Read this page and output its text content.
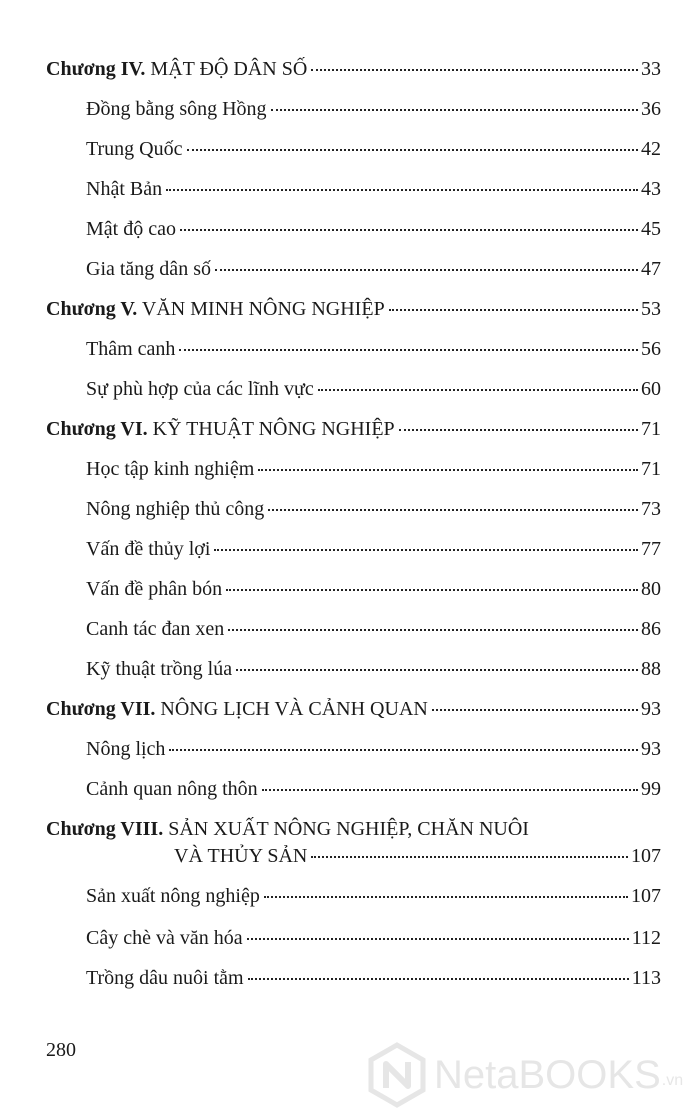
Chương IV. MẬT ĐỘ DÂN SỐ	33
Đồng bằng sông Hồng	36
Trung Quốc	42
Nhật Bản	43
Mật độ cao	45
Gia tăng dân số	47
Chương V. VĂN MINH NÔNG NGHIỆP	53
Thâm canh	56
Sự phù hợp của các lĩnh vực	60
Chương VI. KỸ THUẬT NÔNG NGHIỆP	71
Học tập kinh nghiệm	71
Nông nghiệp thủ công	73
Vấn đề thủy lợi	77
Vấn đề phân bón	80
Canh tác đan xen	86
Kỹ thuật trồng lúa	88
Chương VII. NÔNG LỊCH VÀ CẢNH QUAN	93
Nông lịch	93
Cảnh quan nông thôn	99
Chương VIII. SẢN XUẤT NÔNG NGHIỆP, CHĂN NUÔI
VÀ THỦY SẢN	107
Sản xuất nông nghiệp	107
Cây chè và văn hóa	112
Trồng dâu nuôi tằm	113
280
NetaBOOKS .vn
